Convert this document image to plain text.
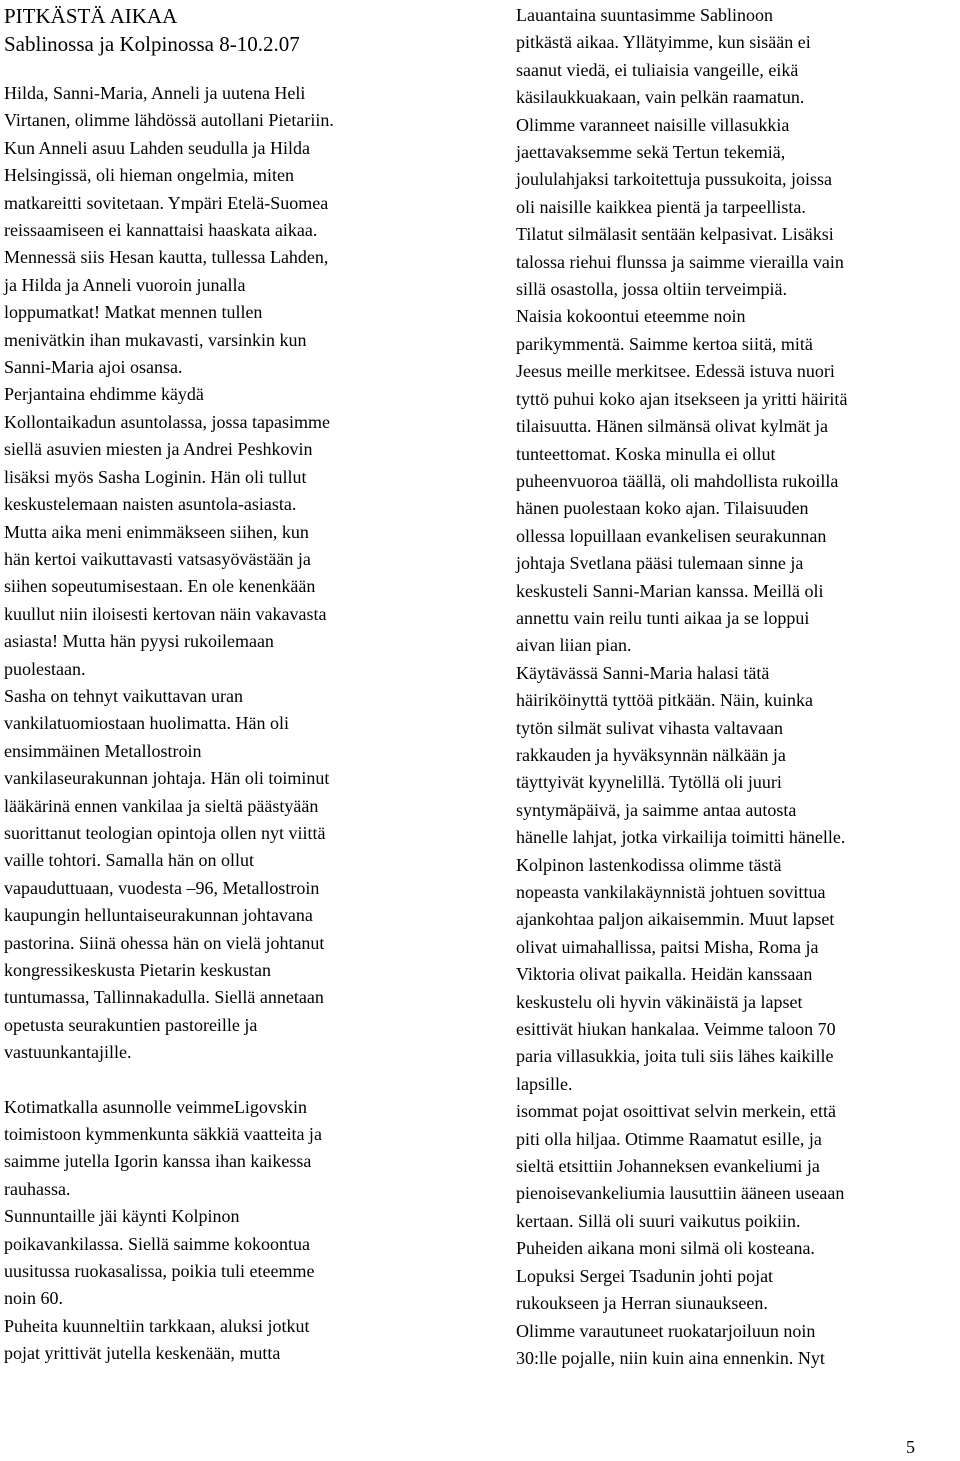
PITKÄSTÄ AIKAA

Sablinossa ja Kolpinossa 8-10.2.07

Hilda, Sanni-Maria, Anneli ja uutena Heli
Virtanen, olimme lähdössä autollani Pietariin.
Kun Anneli asuu Lahden seudulla ja Hilda
Helsingissä, oli hieman ongelmia, miten
matkareitti sovitetaan. Ympäri Etelä-Suomea
reissaamiseen ei kannattaisi haaskata aikaa.
Mennessä siis Hesan kautta, tullessa Lahden,
ja Hilda ja Anneli vuoroin junalla
loppumatkat! Matkat mennen tullen
menivätkin ihan mukavasti, varsinkin kun
Sanni-Maria ajoi osansa.
Perjantaina ehdimme käydä
Kollontaikadun asuntolassa, jossa tapasimme
siellä asuvien miesten ja Andrei Peshkovin
lisäksi myös Sasha Loginin. Hän oli tullut
keskustelemaan naisten asuntola-asiasta.
Mutta aika meni enimmäkseen siihen, kun
hän kertoi vaikuttavasti vatsasyövästään ja
siihen sopeutumisestaan. En ole kenenkään
kuullut niin iloisesti kertovan näin vakavasta
asiasta! Mutta hän pyysi rukoilemaan
puolestaan.
Sasha on tehnyt vaikuttavan uran
vankilatuomiostaan huolimatta. Hän oli
ensimmäinen Metallostroin
vankilaseurakunnan johtaja. Hän oli toiminut
lääkärinä ennen vankilaa ja sieltä päästyään
suorittanut teologian opintoja ollen nyt viittä
vaille tohtori. Samalla hän on ollut
vapauduttuaan, vuodesta –96, Metallostroin
kaupungin helluntaiseurakunnan johtavana
pastorina. Siinä ohessa hän on vielä johtanut
kongressikeskusta Pietarin keskustan
tuntumassa, Tallinnakadulla. Siellä annetaan
opetusta seurakuntien pastoreille ja
vastuunkantajille.

Kotimatkalla asunnolle veimmeLigovskin
toimistoon kymmenkunta säkkiä vaatteita ja
saimme jutella Igorin kanssa ihan kaikessa
rauhassa.
Sunnuntaille jäi käynti Kolpinon
poikavankilassa. Siellä saimme kokoontua
uusitussa ruokasalissa, poikia tuli eteemme
noin 60.
Puheita kuunneltiin tarkkaan, aluksi jotkut
pojat yrittivät jutella keskenään, mutta

Lauantaina suuntasimme Sablinoon
pitkästä aikaa. Yllätyimme, kun sisään ei
saanut viedä, ei tuliaisia vangeille, eikä
käsilaukkuakaan, vain pelkän raamatun.
Olimme varanneet naisille villasukkia
jaettavaksemme sekä Tertun tekemiä,
joululahjaksi tarkoitettuja pussukoita, joissa
oli naisille kaikkea pientä ja tarpeellista.
Tilatut silmälasit sentään kelpasivat. Lisäksi
talossa riehui flunssa ja saimme vierailla vain
sillä osastolla, jossa oltiin terveimpiä.
Naisia kokoontui eteemme noin
parikymmentä. Saimme kertoa siitä, mitä
Jeesus meille merkitsee. Edessä istuva nuori
tyttö puhui koko ajan itsekseen ja yritti häiritä
tilaisuutta. Hänen silmänsä olivat kylmät ja
tunteettomat. Koska minulla ei ollut
puheenvuoroa täällä, oli mahdollista rukoilla
hänen puolestaan koko ajan. Tilaisuuden
ollessa lopuillaan evankelisen seurakunnan
johtaja Svetlana pääsi tulemaan sinne ja
keskusteli Sanni-Marian kanssa. Meillä oli
annettu vain reilu tunti aikaa ja se loppui
aivan liian pian.
Käytävässä Sanni-Maria halasi tätä
häiriköinyttä tyttöä pitkään. Näin, kuinka
tytön silmät sulivat vihasta valtavaan
rakkauden ja hyväksynnän nälkään ja
täyttyivät kyynelillä. Tytöllä oli juuri
syntymäpäivä, ja saimme antaa autosta
hänelle lahjat, jotka virkailija toimitti hänelle.
Kolpinon lastenkodissa olimme tästä
nopeasta vankilakäynnistä johtuen sovittua
ajankohtaa paljon aikaisemmin. Muut lapset
olivat uimahallissa, paitsi Misha, Roma ja
Viktoria olivat paikalla. Heidän kanssaan
keskustelu oli hyvin väkinäistä ja lapset
esittivät hiukan hankalaa. Veimme taloon 70
paria villasukkia, joita tuli siis lähes kaikille
lapsille.
isommat pojat osoittivat selvin merkein, että
piti olla hiljaa. Otimme Raamatut esille, ja
sieltä etsittiin Johanneksen evankeliumi ja
pienoisevankeliumia lausuttiin ääneen useaan
kertaan. Sillä oli suuri vaikutus poikiin.
Puheiden aikana moni silmä oli kosteana.
Lopuksi Sergei Tsadunin johti pojat
rukoukseen ja Herran siunaukseen.
Olimme varautuneet ruokatarjoiluun noin
30:lle pojalle, niin kuin aina ennenkin. Nyt

5
